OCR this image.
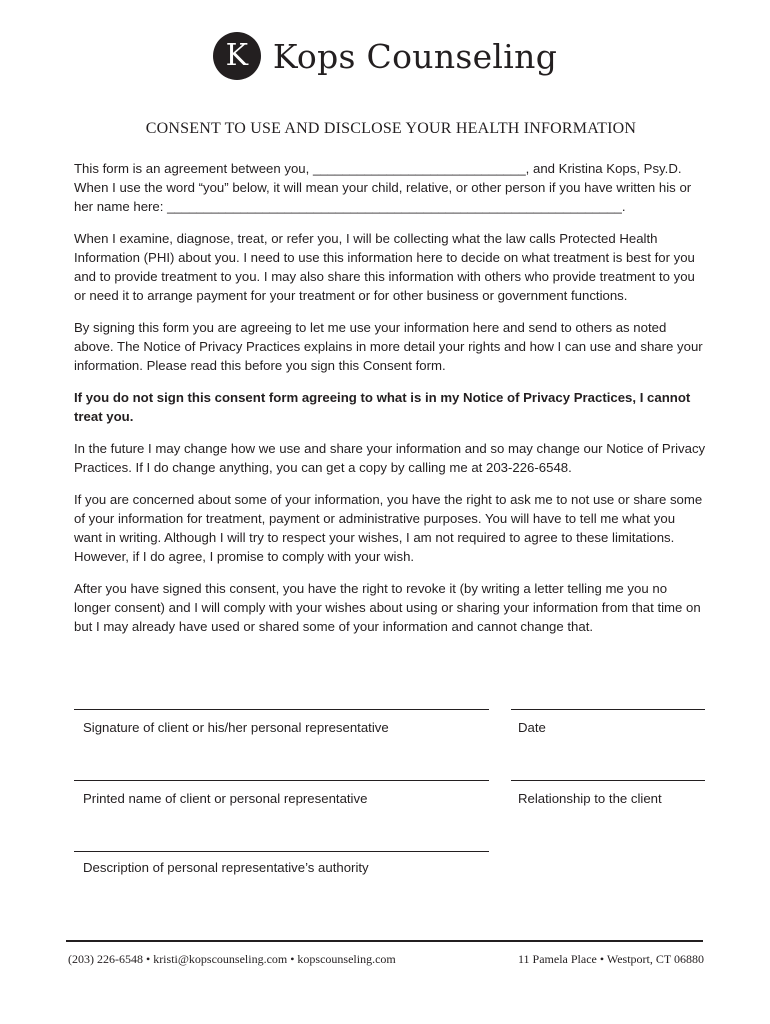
K Kops Counseling
CONSENT TO USE AND DISCLOSE YOUR HEALTH INFORMATION

This form is an agreement between you, _____________________________, and Kristina Kops, Psy.D. When I use the word “you” below, it will mean your child, relative, or other person if you have written his or her name here: ______________________________________________________________.

When I examine, diagnose, treat, or refer you, I will be collecting what the law calls Protected Health Information (PHI) about you. I need to use this information here to decide on what treatment is best for you and to provide treatment to you. I may also share this information with others who provide treatment to you or need it to arrange payment for your treatment or for other business or government functions.

By signing this form you are agreeing to let me use your information here and send to others as noted above. The Notice of Privacy Practices explains in more detail your rights and how I can use and share your information. Please read this before you sign this Consent form.

If you do not sign this consent form agreeing to what is in my Notice of Privacy Practices, I cannot treat you.

In the future I may change how we use and share your information and so may change our Notice of Privacy Practices. If I do change anything, you can get a copy by calling me at 203-226-6548.

If you are concerned about some of your information, you have the right to ask me to not use or share some of your information for treatment, payment or administrative purposes. You will have to tell me what you want in writing. Although I will try to respect your wishes, I am not required to agree to these limitations. However, if I do agree, I promise to comply with your wish.

After you have signed this consent, you have the right to revoke it (by writing a letter telling me you no longer consent) and I will comply with your wishes about using or sharing your information from that time on but I may already have used or shared some of your information and cannot change that.

Signature of client or his/her personal representative	Date
Printed name of client or personal representative	Relationship to the client
Description of personal representative’s authority
(203) 226-6548 • kristi@kopscounseling.com • kopscounseling.com	11 Pamela Place • Westport, CT 06880
